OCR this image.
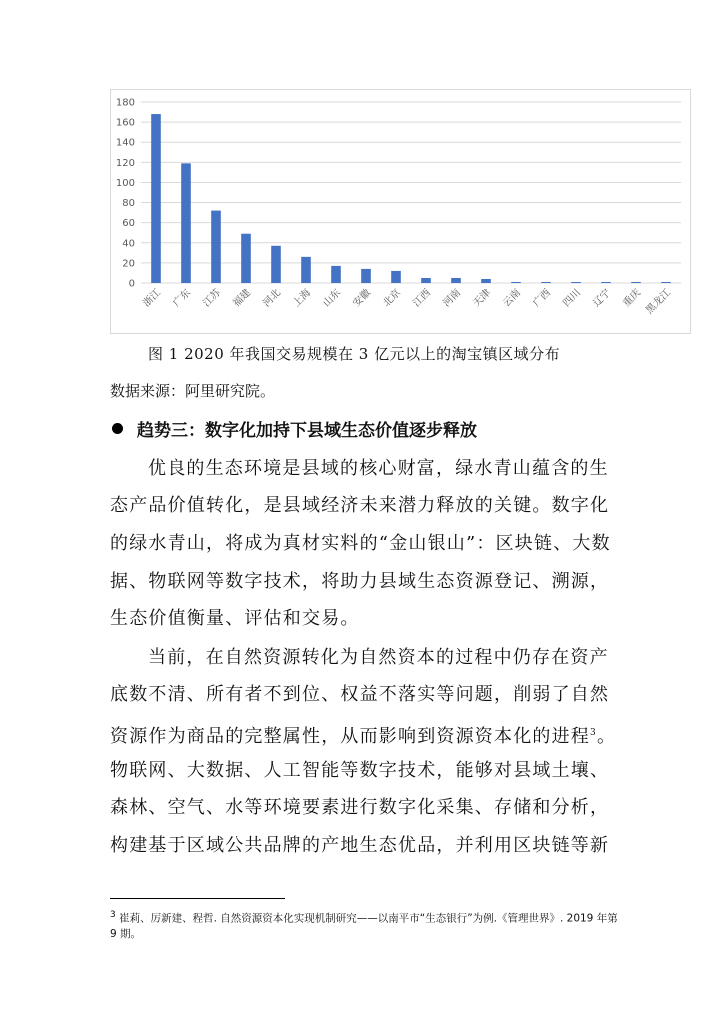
0
20
40
60
80
100
120
140
160
180
浙江 广东 江苏 福建 河北 上海 山东 安徽 北京 江西 河南 天津 云南 广西 四川 辽宁 重庆 黑龙江
图 1 2020 年我国交易规模在 3 亿元以上的淘宝镇区域分布
数据来源：阿里研究院。
趋势三：数字化加持下县域生态价值逐步释放
优良的生态环境是县域的核心财富，绿水青山蕴含的生
态产品价值转化，是县域经济未来潜力释放的关键。数字化
的绿水青山，将成为真材实料的“金山银山”：区块链、大数
据、物联网等数字技术，将助力县域生态资源登记、溯源，
生态价值衡量、评估和交易。
当前，在自然资源转化为自然资本的过程中仍存在资产
底数不清、所有者不到位、权益不落实等问题，削弱了自然
资源作为商品的完整属性，从而影响到资源资本化的进程$^3$。
物联网、大数据、人工智能等数字技术，能够对县域土壤、
森林、空气、水等环境要素进行数字化采集、存储和分析，
构建基于区域公共品牌的产地生态优品，并利用区块链等新
$^3$ 崔莉、厉新建、程哲. 自然资源资本化实现机制研究——以南平市“生态银行”为例.《管理世界》. 2019 年第 9 期。
